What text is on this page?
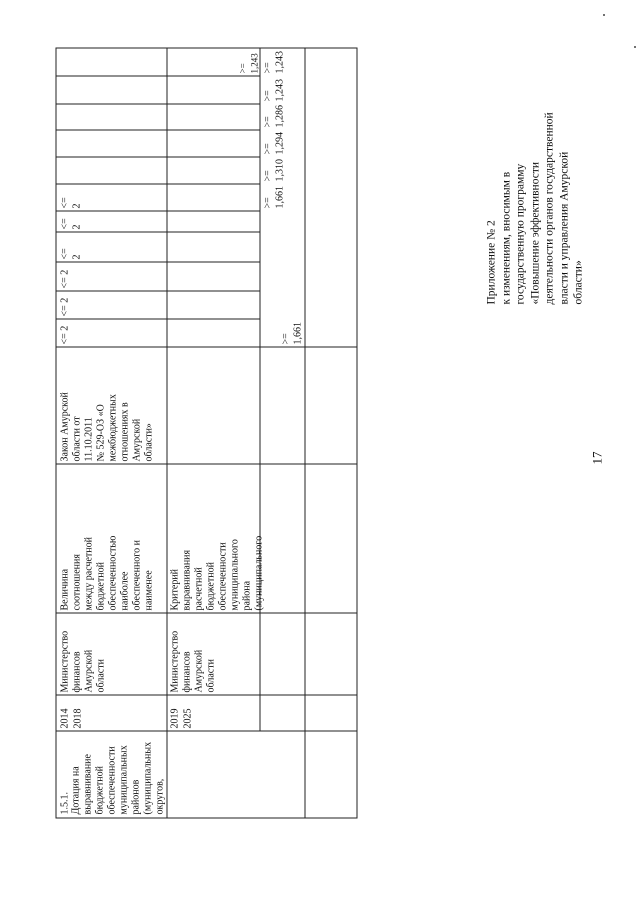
17
Приложение № 2 к изменениям, вносимым в государственную программу «Повышение эффективности деятельности органов государственной власти и управления Амурской области»
1.5.1. Дотация на выравнивание бюджетной обеспеченности муниципальных районов (муниципальных округов,
2014 2018
Министерство финансов Амурской области
Величина соотношения между расчетной бюджетной обеспеченностью наиболее обеспеченного и наименее
Закон Амурской области от 11.10.2011 № 529-ОЗ «О межбюджетных отношениях в Амурской области»
<= 2
<= 2
<= 2
<= 2
<= 2
<= 2
2019 2025
Министерство финансов Амурской области
Критерий выравнивания расчетной бюджетной обеспеченности муниципального района (муниципального
>= 1,661
>= 1,661
>= 1,310
>= 1,294
>= 1,286
>= 1,243
>= 1,243
>= 1,243
